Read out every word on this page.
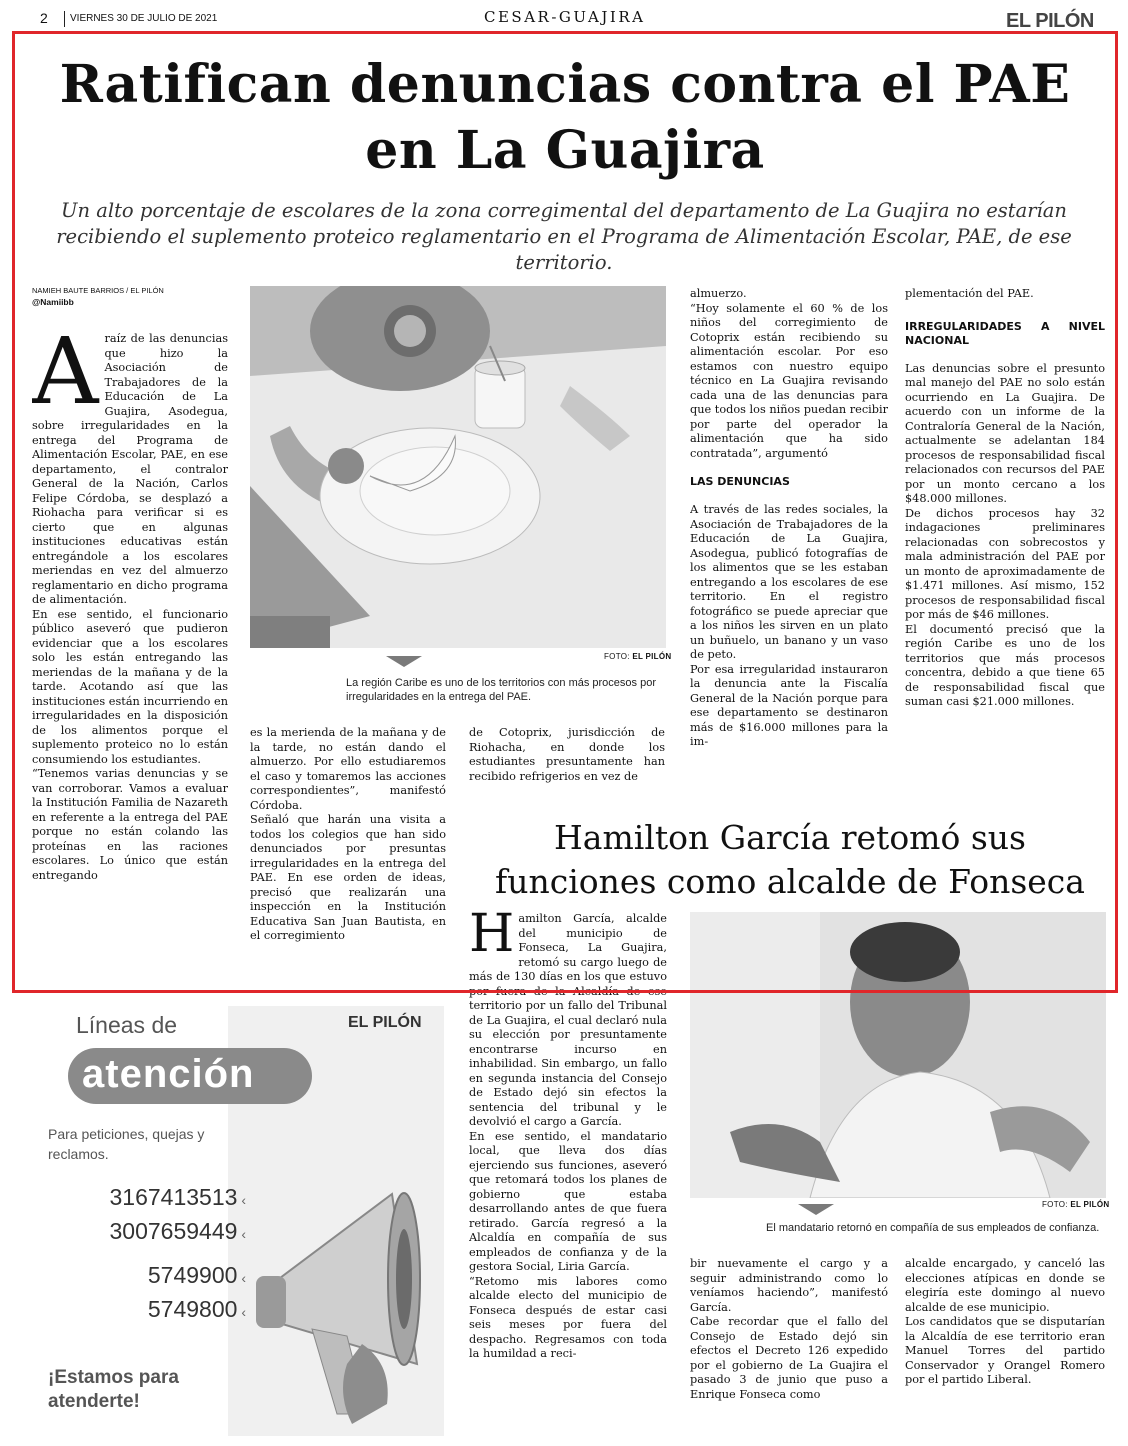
2 VIERNES 30 DE JULIO DE 2021	CESAR-GUAJIRA	EL PILÓN
Ratifican denuncias contra el PAE en La Guajira

Un alto porcentaje de escolares de la zona corregimental del departamento de La Guajira no estarían recibiendo el suplemento proteico reglamentario en el Programa de Alimentación Escolar, PAE, de ese territorio.

NAMIEH BAUTE BARRIOS / EL PILÓN
@Namiibb
A raíz de las denuncias que hizo la Asociación de Trabajadores de la Educación de La Guajira, Asodegua, sobre irregularidades en la entrega del Programa de Alimentación Escolar, PAE, en ese departamento, el contralor General de la Nación, Carlos Felipe Córdoba, se desplazó a Riohacha para verificar si es cierto que en algunas instituciones educativas están entregándole a los escolares meriendas en vez del almuerzo reglamentario en dicho programa de alimentación.

En ese sentido, el funcionario público aseveró que pudieron evidenciar que a los escolares solo les están entregando las meriendas de la mañana y de la tarde. Acotando así que las instituciones están incurriendo en irregularidades en la disposición de los alimentos porque el suplemento proteico no lo están consumiendo los estudiantes.

“Tenemos varias denuncias y se van corroborar. Vamos a evaluar la Institución Familia de Nazareth en referente a la entrega del PAE porque no están colando las proteínas en las raciones escolares. Lo único que están entregando

FOTO: EL PILÓN

La región Caribe es uno de los territorios con más procesos por irregularidades en la entrega del PAE.

es la merienda de la mañana y de la tarde, no están dando el almuerzo. Por ello estudiaremos el caso y tomaremos las acciones correspondientes”, manifestó Córdoba.

Señaló que harán una visita a todos los colegios que han sido denunciados por presuntas irregularidades en la entrega del PAE. En ese orden de ideas, precisó que realizarán una inspección en la Institución Educativa San Juan Bautista, en el corregimiento

de Cotoprix, jurisdicción de Riohacha, en donde los estudiantes presuntamente han recibido refrigerios en vez de

almuerzo.

“Hoy solamente el 60 % de los niños del corregimiento de Cotoprix están recibiendo su alimentación escolar. Por eso estamos con nuestro equipo técnico en La Guajira revisando cada una de las denuncias para que todos los niños puedan recibir por parte del operador la alimentación que ha sido contratada”, argumentó

LAS DENUNCIAS

A través de las redes sociales, la Asociación de Trabajadores de la Educación de La Guajira, Asodegua, publicó fotografías de los alimentos que se les estaban entregando a los escolares de ese territorio. En el registro fotográfico se puede apreciar que a los niños les sirven en un plato un buñuelo, un banano y un vaso de peto.

Por esa irregularidad instauraron la denuncia ante la Fiscalía General de la Nación porque para ese departamento se destinaron más de $16.000 millones para la im-

plementación del PAE.

IRREGULARIDADES A NIVEL NACIONAL

Las denuncias sobre el presunto mal manejo del PAE no solo están ocurriendo en La Guajira. De acuerdo con un informe de la Contraloría General de la Nación, actualmente se adelantan 184 procesos de responsabilidad fiscal relacionados con recursos del PAE por un monto cercano a los $48.000 millones.

De dichos procesos hay 32 indagaciones preliminares relacionadas con sobrecostos y mala administración del PAE por un monto de aproximadamente de $1.471 millones. Así mismo, 152 procesos de responsabilidad fiscal por más de $46 millones.

El documentó precisó que la región Caribe es uno de los territorios que más procesos concentra, debido a que tiene 65 de responsabilidad fiscal que suman casi $21.000 millones.

Hamilton García retomó sus funciones como alcalde de Fonseca
H amilton García, alcalde del municipio de Fonseca, La Guajira, retomó su cargo luego de más de 130 días en los que estuvo por fuera de la Alcaldía de ese territorio por un fallo del Tribunal de La Guajira, el cual declaró nula su elección por presuntamente encontrarse incurso en inhabilidad. Sin embargo, un fallo en segunda instancia del Consejo de Estado dejó sin efectos la sentencia del tribunal y le devolvió el cargo a García.

En ese sentido, el mandatario local, que lleva dos días ejerciendo sus funciones, aseveró que retomará todos los planes de gobierno que estaba desarrollando antes de que fuera retirado. García regresó a la Alcaldía en compañía de sus empleados de confianza y de la gestora Social, Liria García.

“Retomo mis labores como alcalde electo del municipio de Fonseca después de estar casi seis meses por fuera del despacho. Regresamos con toda la humildad a reci-

FOTO: EL PILÓN

El mandatario retornó en compañía de sus empleados de confianza.

bir nuevamente el cargo y a seguir administrando como lo veníamos haciendo”, manifestó García.

Cabe recordar que el fallo del Consejo de Estado dejó sin efectos el Decreto 126 expedido por el gobierno de La Guajira el pasado 3 de junio que puso a Enrique Fonseca como

alcalde encargado, y canceló las elecciones atípicas en donde se elegiría este domingo al nuevo alcalde de ese municipio.

Los candidatos que se disputarían la Alcaldía de ese territorio eran Manuel Torres del partido Conservador y Orangel Romero por el partido Liberal.

EL PILÓN
Líneas de
atención
Para peticiones, quejas y reclamos.
3167413513 ‹
3007659449 ‹
5749900 ‹
5749800 ‹
¡Estamos para atenderte!
